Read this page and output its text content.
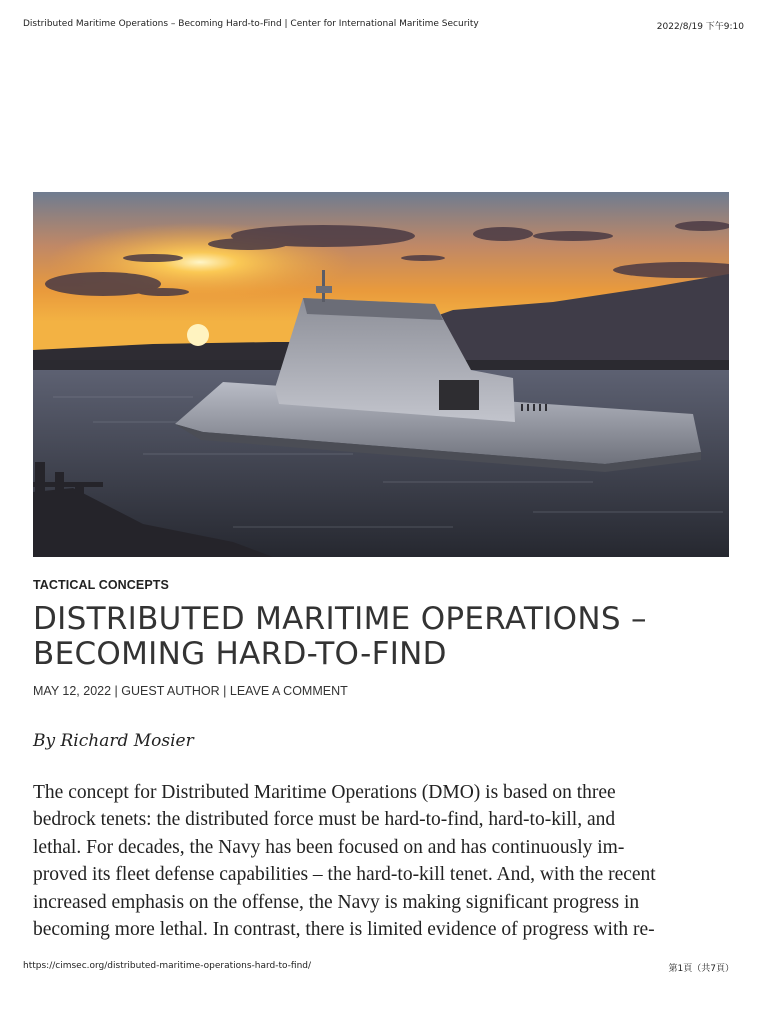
Distributed Maritime Operations – Becoming Hard-to-Find | Center for International Maritime Security	2022/8/19 下午9:10
TACTICAL CONCEPTS
DISTRIBUTED MARITIME OPERATIONS –
BECOMING HARD-TO-FIND
MAY 12, 2022 | GUEST AUTHOR | LEAVE A COMMENT

By Richard Mosier

The concept for Distributed Maritime Operations (DMO) is based on three
bedrock tenets: the distributed force must be hard-to-find, hard-to-kill, and
lethal. For decades, the Navy has been focused on and has continuously im-
proved its fleet defense capabilities – the hard-to-kill tenet. And, with the recent
increased emphasis on the offense, the Navy is making significant progress in
becoming more lethal. In contrast, there is limited evidence of progress with re-
https://cimsec.org/distributed-maritime-operations-hard-to-find/	第1頁（共7頁）
